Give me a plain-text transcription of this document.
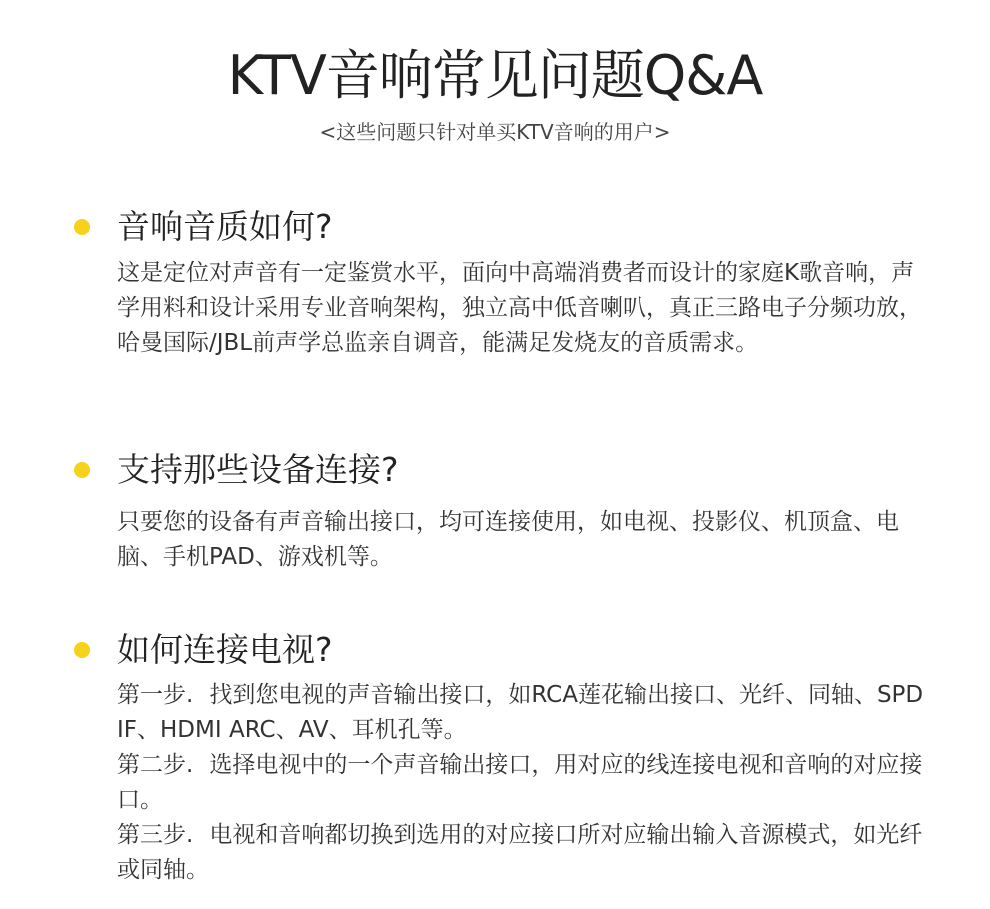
KTV音响常见问题Q&A
<这些问题只针对单买KTV音响的用户>
音响音质如何?

这是定位对声音有一定鉴赏水平，面向中高端消费者而设计的家庭K歌音响，声学用料和设计采用专业音响架构，独立高中低音喇叭，真正三路电子分频功放，哈曼国际/JBL前声学总监亲自调音，能满足发烧友的音质需求。

支持那些设备连接?

只要您的设备有声音输出接口，均可连接使用，如电视、投影仪、机顶盒、电脑、手机PAD、游戏机等。

如何连接电视?

第一步. 找到您电视的声音输出接口，如RCA莲花输出接口、光纤、同轴、SPDIF、HDMI ARC、AV、耳机孔等。

第二步. 选择电视中的一个声音输出接口，用对应的线连接电视和音响的对应接口。

第三步. 电视和音响都切换到选用的对应接口所对应输出输入音源模式，如光纤或同轴。
